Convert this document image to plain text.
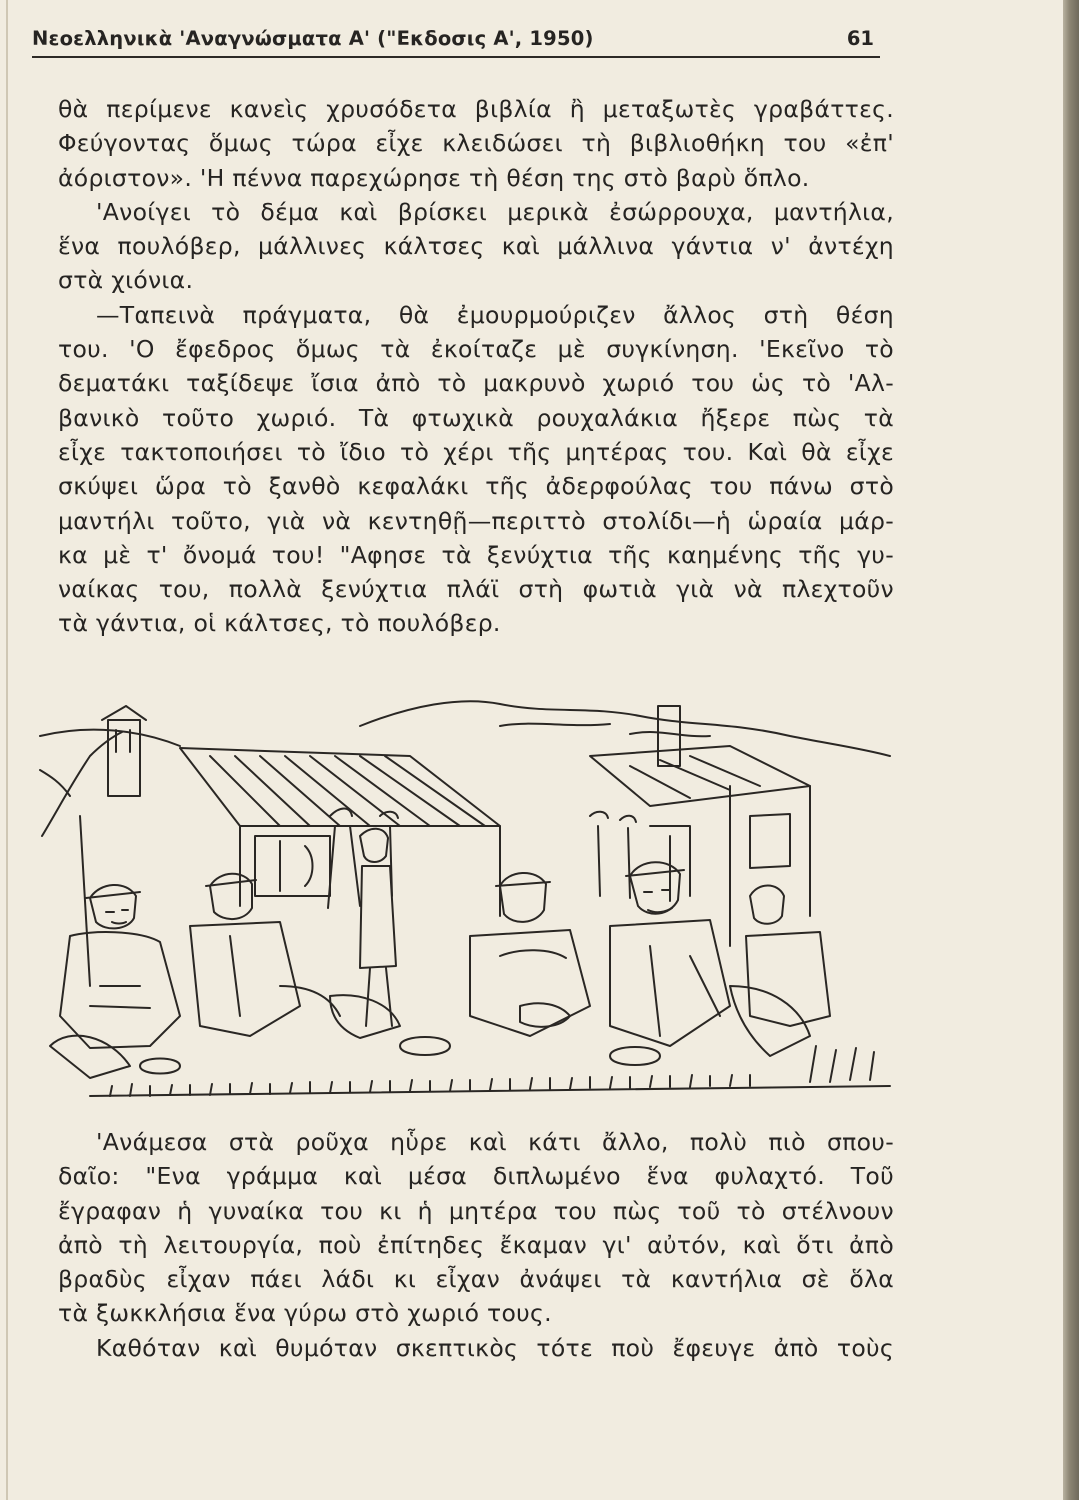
Νεοελληνικὰ 'Αναγνώσματα Α' ("Εκδοσις Α', 1950)	61
θὰ περίμενε κανεὶς χρυσόδετα βιβλία ἢ μεταξωτὲς γραβάττες.
Φεύγοντας ὅμως τώρα εἶχε κλειδώσει τὴ βιβλιοθήκη του «ἐπ'
ἀόριστον». 'Η πέννα παρεχώρησε τὴ θέση της στὸ βαρὺ ὅπλο.
'Ανοίγει τὸ δέμα καὶ βρίσκει μερικὰ ἐσώρρουχα, μαντήλια,
ἕνα πουλόβερ, μάλλινες κάλτσες καὶ μάλλινα γάντια ν' ἀντέχη
στὰ χιόνια.
—Ταπεινὰ πράγματα, θὰ ἐμουρμούριζεν ἄλλος στὴ θέση
του. 'Ο ἔφεδρος ὅμως τὰ ἐκοίταζε μὲ συγκίνηση. 'Εκεῖνο τὸ
δεματάκι ταξίδεψε ἴσια ἀπὸ τὸ μακρυνὸ χωριό του ὡς τὸ 'Αλ-
βανικὸ τοῦτο χωριό. Τὰ φτωχικὰ ρουχαλάκια ἤξερε πὼς τὰ
εἶχε τακτοποιήσει τὸ ἴδιο τὸ χέρι τῆς μητέρας του. Καὶ θὰ εἶχε
σκύψει ὥρα τὸ ξανθὸ κεφαλάκι τῆς ἀδερφούλας του πάνω στὸ
μαντήλι τοῦτο, γιὰ νὰ κεντηθῇ—περιττὸ στολίδι—ἡ ὡραία μάρ-
κα μὲ τ' ὄνομά του! "Αφησε τὰ ξενύχτια τῆς καημένης τῆς γυ-
ναίκας του, πολλὰ ξενύχτια πλάϊ στὴ φωτιὰ γιὰ νὰ πλεχτοῦν
τὰ γάντια, οἱ κάλτσες, τὸ πουλόβερ.
'Ανάμεσα στὰ ροῦχα ηὗρε καὶ κάτι ἄλλο, πολὺ πιὸ σπου-
δαῖο: "Ενα γράμμα καὶ μέσα διπλωμένο ἕνα φυλαχτό. Τοῦ
ἔγραφαν ἡ γυναίκα του κι ἡ μητέρα του πὼς τοῦ τὸ στέλνουν
ἀπὸ τὴ λειτουργία, ποὺ ἐπίτηδες ἔκαμαν γι' αὐτόν, καὶ ὅτι ἀπὸ
βραδὺς εἶχαν πάει λάδι κι εἶχαν ἀνάψει τὰ καντήλια σὲ ὅλα
τὰ ξωκκλήσια ἕνα γύρω στὸ χωριό τους.
Καθόταν καὶ θυμόταν σκεπτικὸς τότε ποὺ ἔφευγε ἀπὸ τοὺς
